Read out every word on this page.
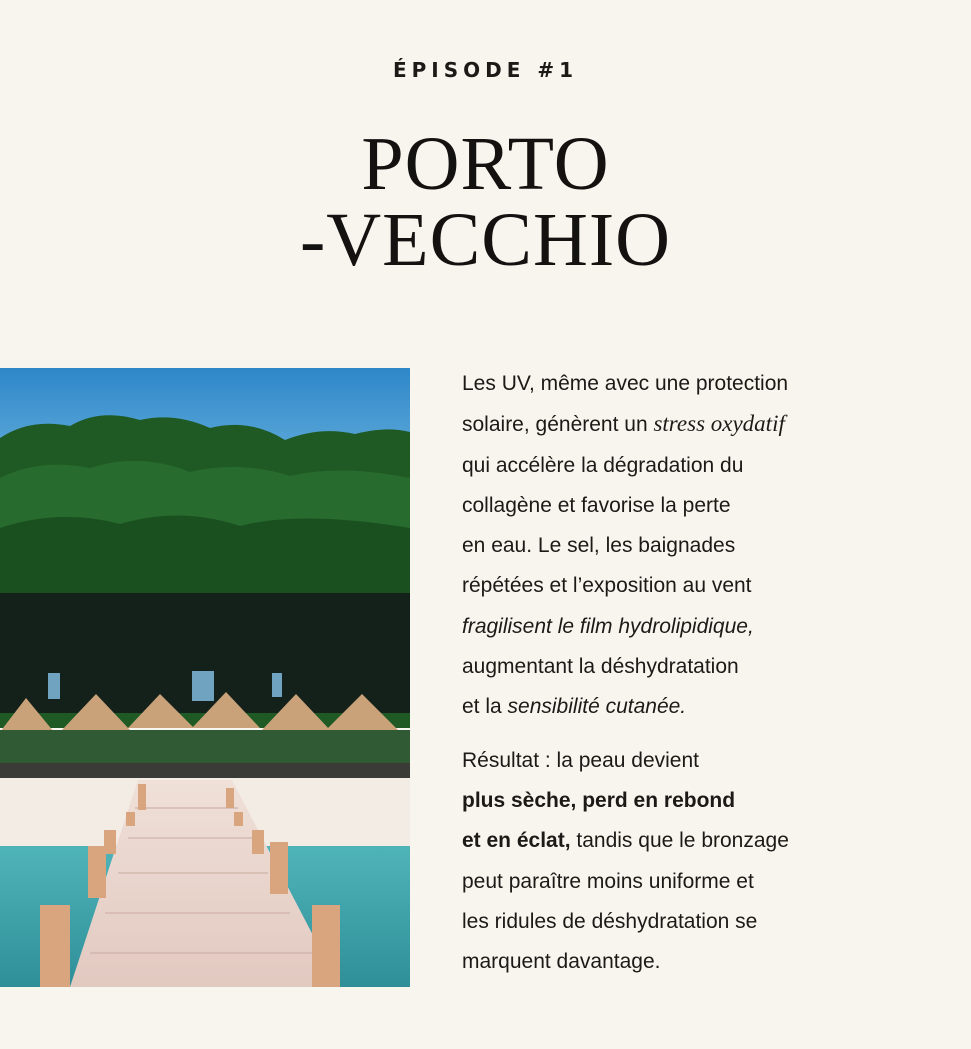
ÉPISODE #1
PORTO
-VECCHIO

Les UV, même avec une protection
solaire, génèrent un stress oxydatif
qui accélère la dégradation du
collagène et favorise la perte
en eau. Le sel, les baignades
répétées et l’exposition au vent
fragilisent le film hydrolipidique,
augmentant la déshydratation
et la sensibilité cutanée.

Résultat : la peau devient
plus sèche, perd en rebond
et en éclat, tandis que le bronzage
peut paraître moins uniforme et
les ridules de déshydratation se
marquent davantage.
